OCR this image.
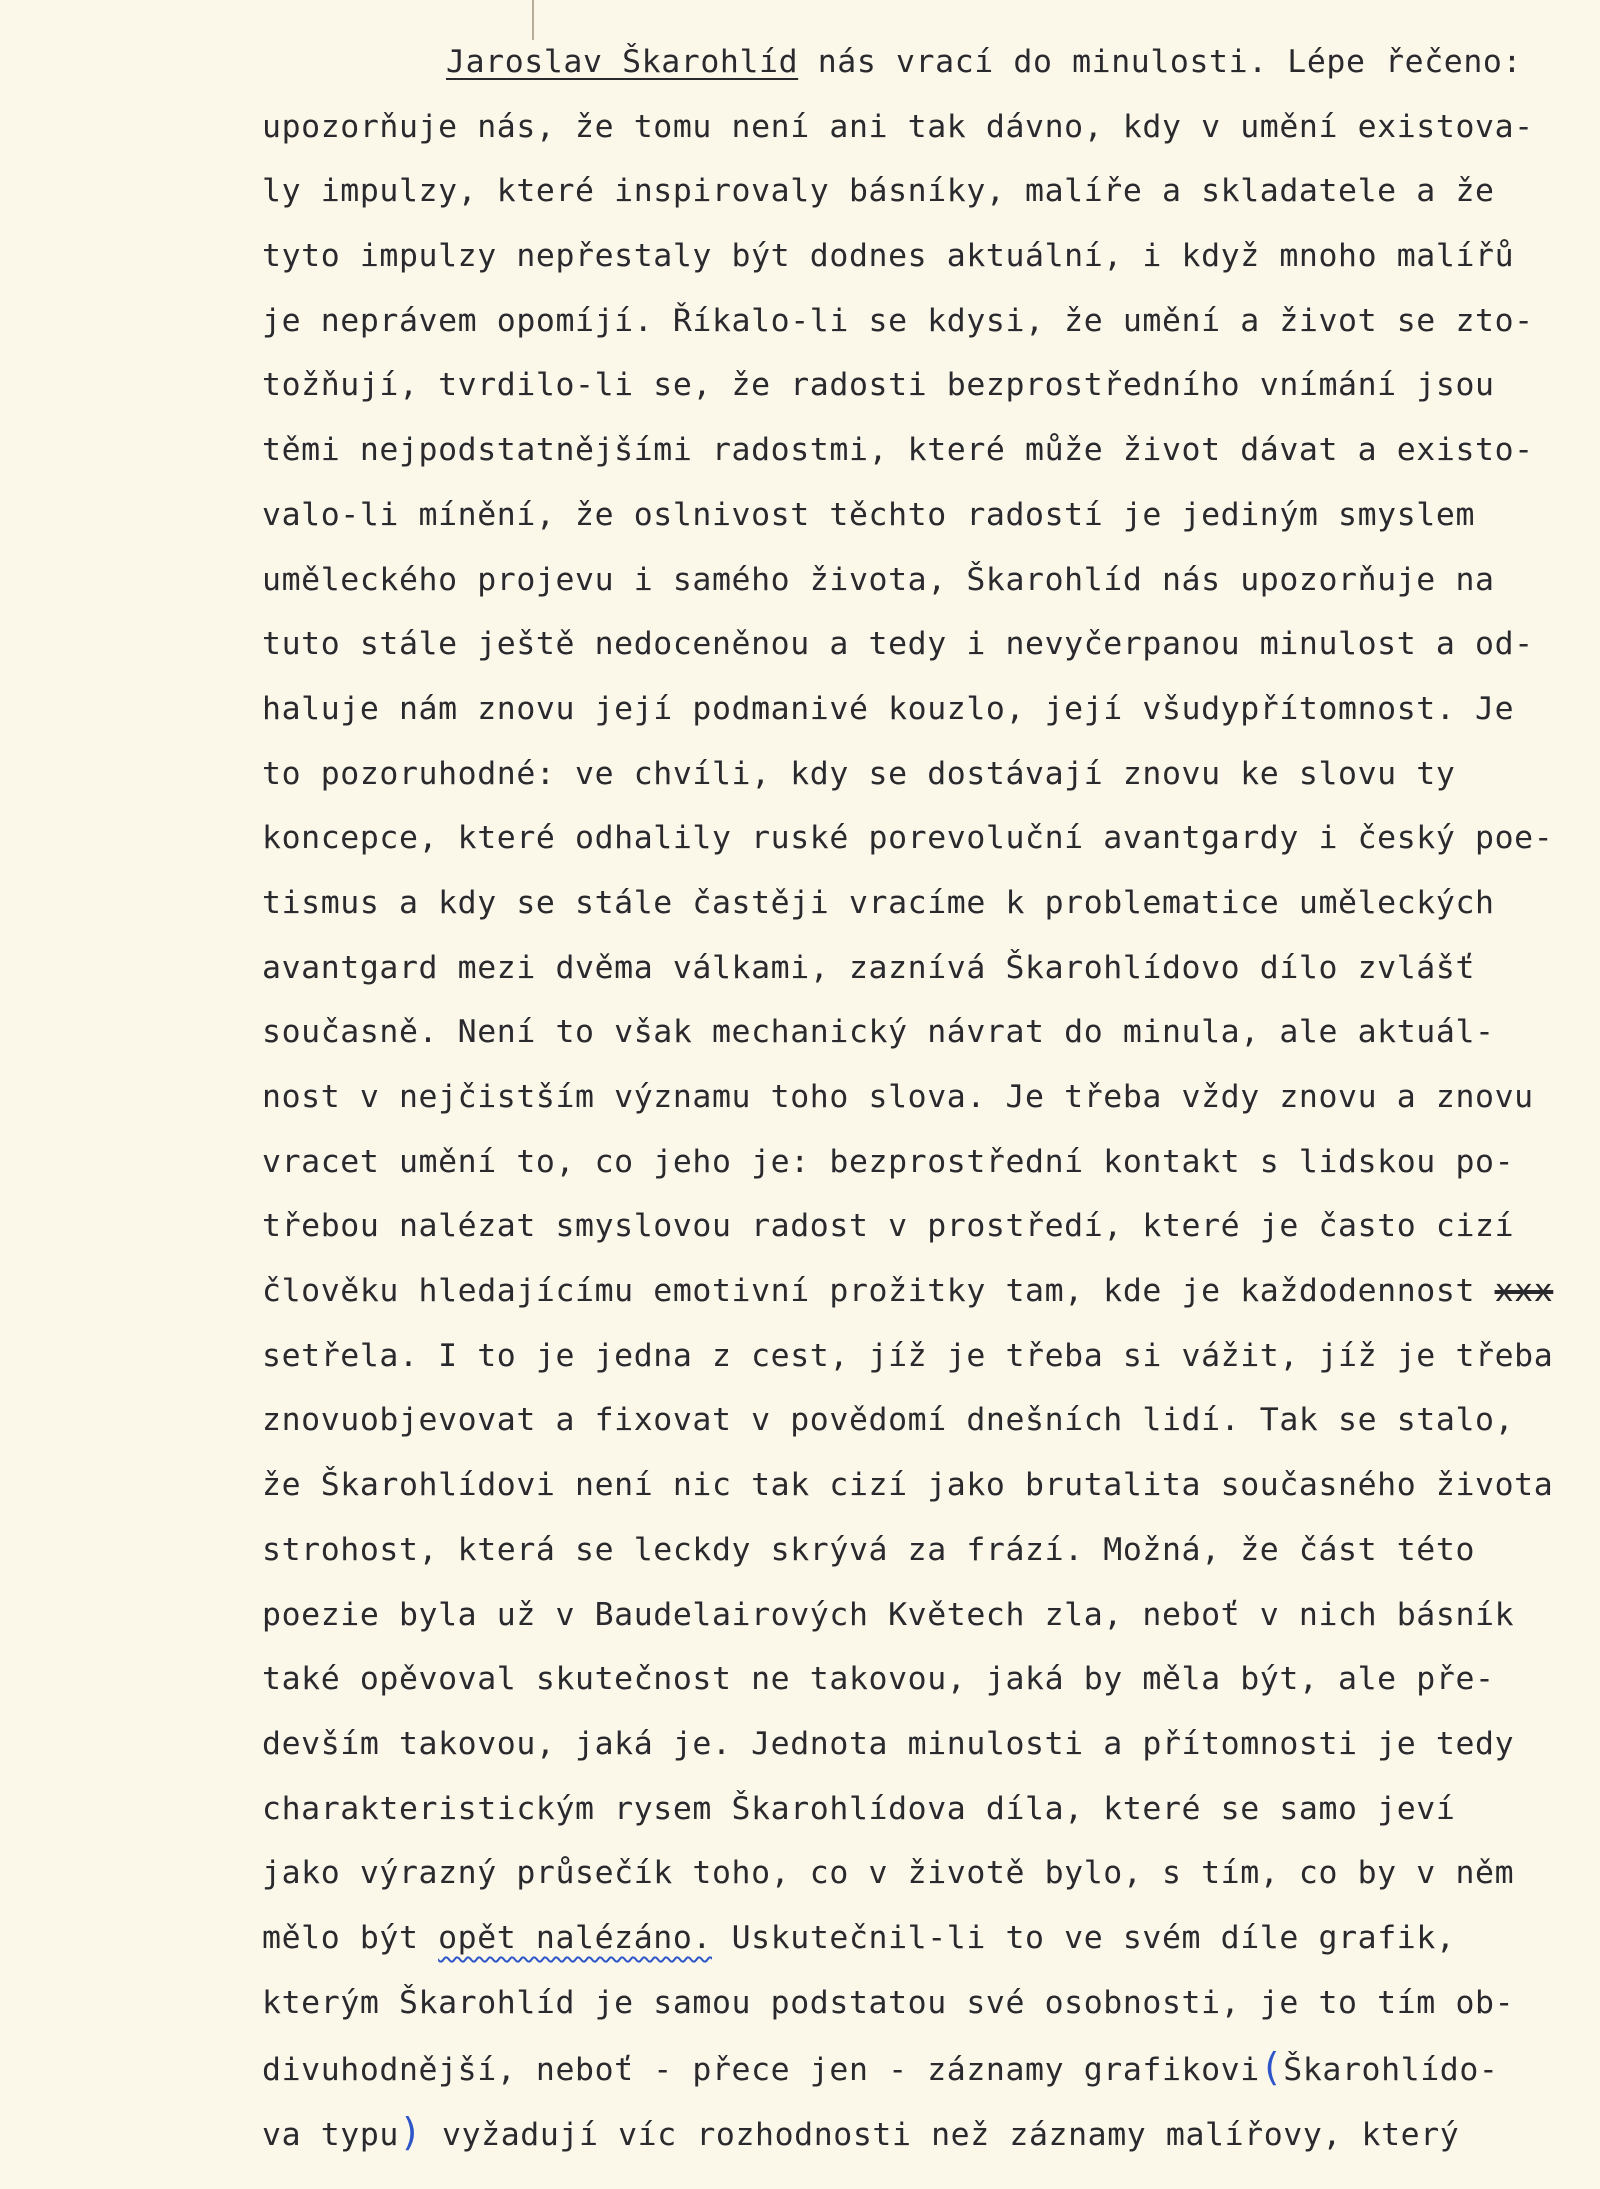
Jaroslav Škarohlíd nás vrací do minulosti. Lépe řečeno:
upozorňuje nás, že tomu není ani tak dávno, kdy v umění existova-
ly impulzy, které inspirovaly básníky, malíře a skladatele a že
tyto impulzy nepřestaly být dodnes aktuální, i když mnoho malířů
je neprávem opomíjí. Říkalo-li se kdysi, že umění a život se zto-
tožňují, tvrdilo-li se, že radosti bezprostředního vnímání jsou
těmi nejpodstatnějšími radostmi, které může život dávat a existo-
valo-li mínění, že oslnivost těchto radostí je jediným smyslem
uměleckého projevu i samého života, Škarohlíd nás upozorňuje na
tuto stále ještě nedoceněnou a tedy i nevyčerpanou minulost a od-
haluje nám znovu její podmanivé kouzlo, její všudypřítomnost. Je
to pozoruhodné: ve chvíli, kdy se dostávají znovu ke slovu ty
koncepce, které odhalily ruské porevoluční avantgardy i český poe-
tismus a kdy se stále častěji vracíme k problematice uměleckých
avantgard mezi dvěma válkami, zaznívá Škarohlídovo dílo zvlášť
současně. Není to však mechanický návrat do minula, ale aktuál-
nost v nejčistším významu toho slova. Je třeba vždy znovu a znovu
vracet umění to, co jeho je: bezprostřední kontakt s lidskou po-
třebou nalézat smyslovou radost v prostředí, které je často cizí
člověku hledajícímu emotivní prožitky tam, kde je každodennost xxx
setřela. I to je jedna z cest, jíž je třeba si vážit, jíž je třeba
znovuobjevovat a fixovat v povědomí dnešních lidí. Tak se stalo,
že Škarohlídovi není nic tak cizí jako brutalita současného života
strohost, která se leckdy skrývá za frází. Možná, že část této
poezie byla už v Baudelairových Květech zla, neboť v nich básník
také opěvoval skutečnost ne takovou, jaká by měla být, ale pře-
devším takovou, jaká je. Jednota minulosti a přítomnosti je tedy
charakteristickým rysem Škarohlídova díla, které se samo jeví
jako výrazný průsečík toho, co v životě bylo, s tím, co by v něm
mělo být opět nalézáno. Uskutečnil-li to ve svém díle grafik,
kterým Škarohlíd je samou podstatou své osobnosti, je to tím ob-
divuhodnější, neboť - přece jen - záznamy grafikovi(Škarohlído-
va typu) vyžadují víc rozhodnosti než záznamy malířovy, který
